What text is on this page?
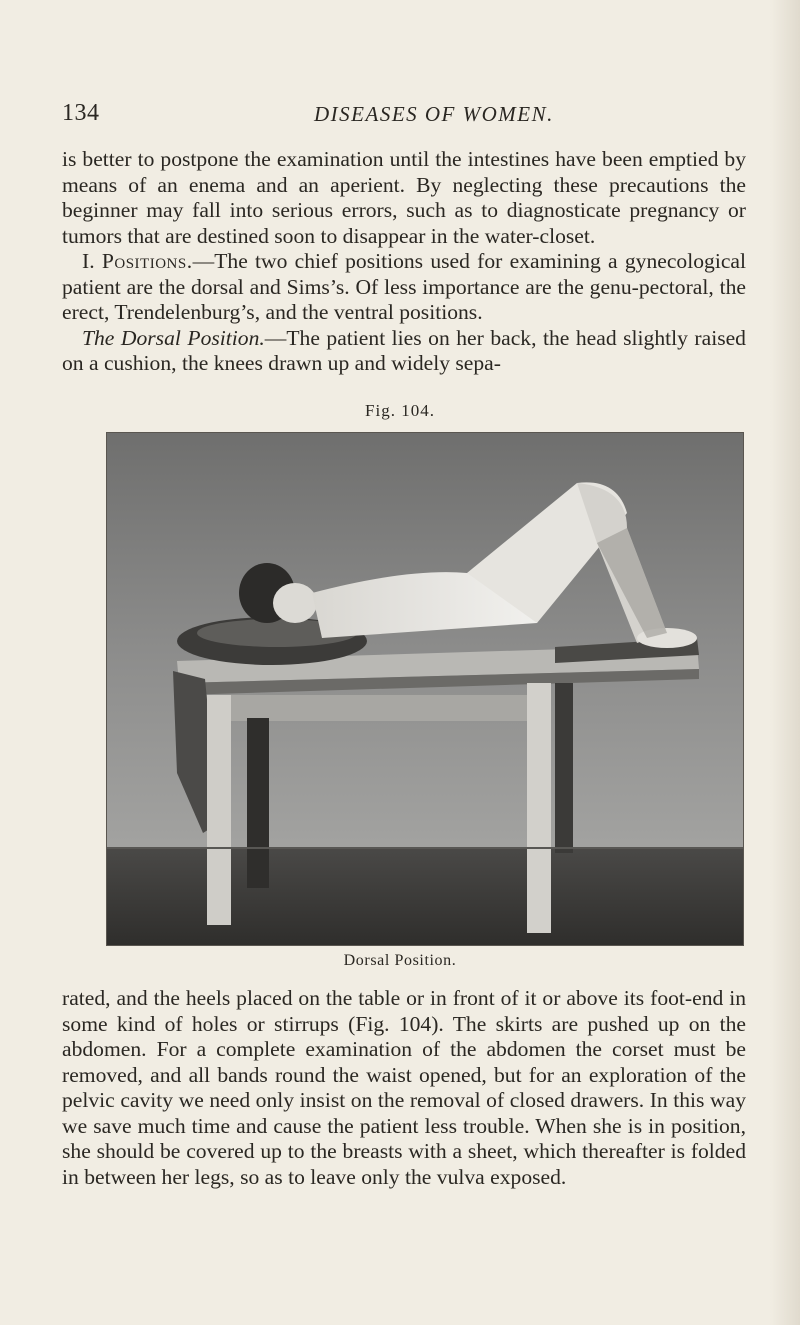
134	DISEASES OF WOMEN.

is better to postpone the examination until the intestines have been emptied by means of an enema and an aperient. By neglecting these precautions the beginner may fall into serious errors, such as to diagnosticate pregnancy or tumors that are destined soon to disappear in the water-closet.

I. Positions.—The two chief positions used for examining a gynecological patient are the dorsal and Sims’s. Of less importance are the genu-pectoral, the erect, Trendelenburg’s, and the ventral positions.

The Dorsal Position.—The patient lies on her back, the head slightly raised on a cushion, the knees drawn up and widely sepa-

Fig. 104.
Dorsal Position.

rated, and the heels placed on the table or in front of it or above its foot-end in some kind of holes or stirrups (Fig. 104). The skirts are pushed up on the abdomen. For a complete examination of the abdomen the corset must be removed, and all bands round the waist opened, but for an exploration of the pelvic cavity we need only insist on the removal of closed drawers. In this way we save much time and cause the patient less trouble. When she is in position, she should be covered up to the breasts with a sheet, which thereafter is folded in between her legs, so as to leave only the vulva exposed.
